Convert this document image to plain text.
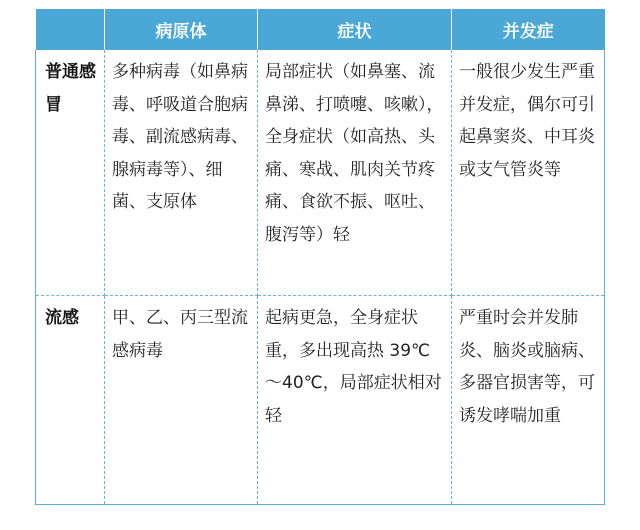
	病原体	症状	并发症
普通感冒	多种病毒（如鼻病毒、呼吸道合胞病毒、副流感病毒、腺病毒等）、细菌、支原体	局部症状（如鼻塞、流鼻涕、打喷嚏、咳嗽），全身症状（如高热、头痛、寒战、肌肉关节疼痛、食欲不振、呕吐、腹泻等）轻	一般很少发生严重并发症，偶尔可引起鼻窦炎、中耳炎或支气管炎等
流感	甲、乙、丙三型流感病毒	起病更急，全身症状重，多出现高热 39℃～40℃，局部症状相对轻	严重时会并发肺炎、脑炎或脑病、多器官损害等，可诱发哮喘加重
